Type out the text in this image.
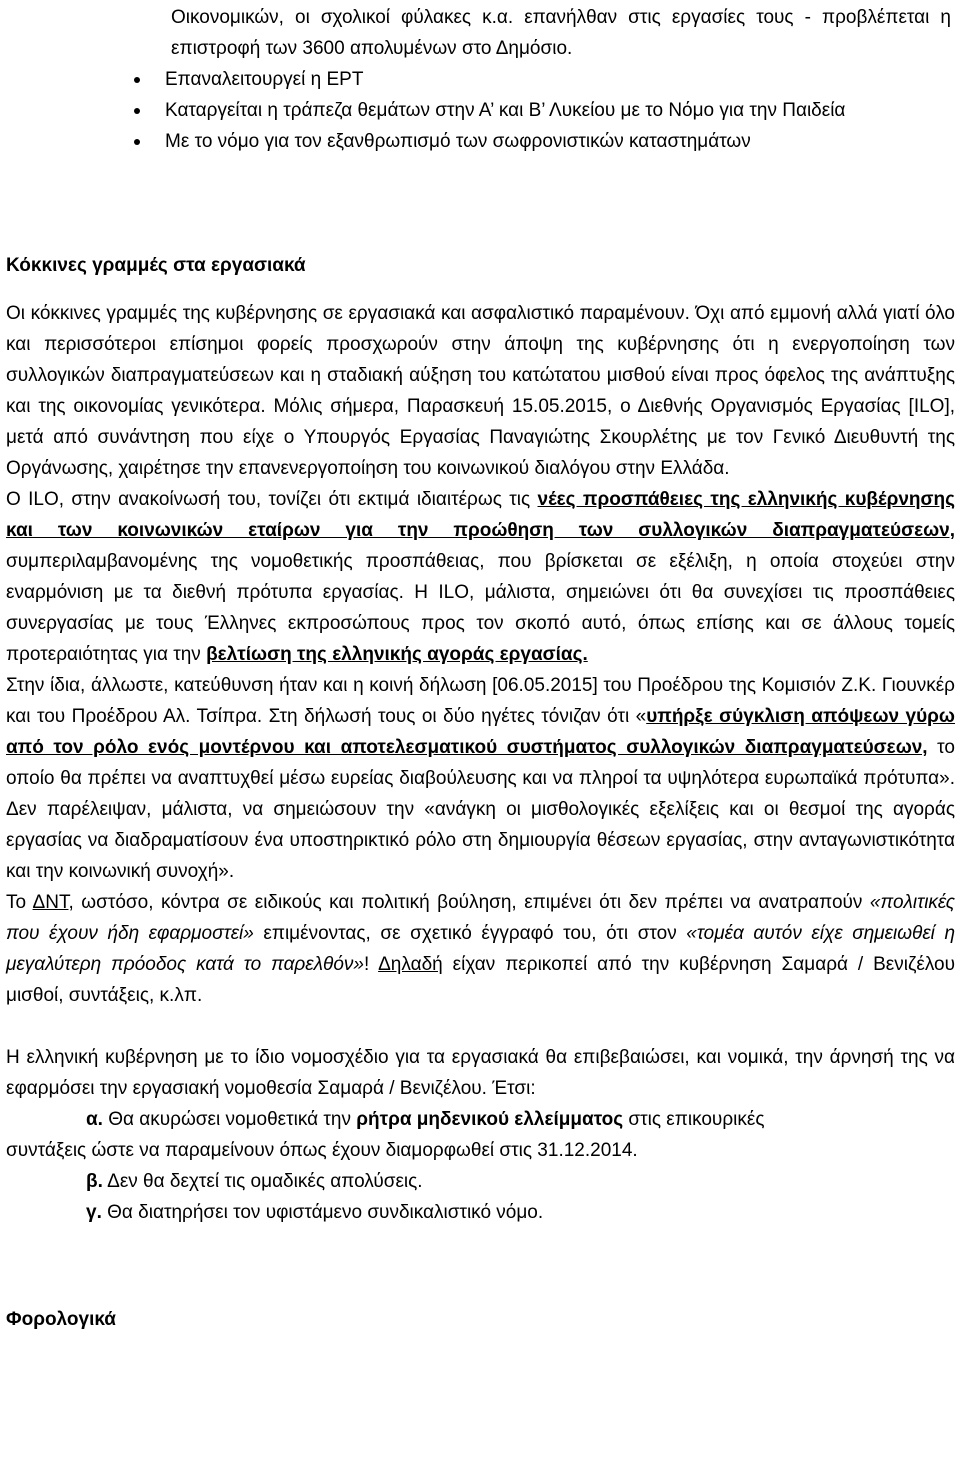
Οικονομικών, οι σχολικοί φύλακες κ.α. επανήλθαν στις εργασίες τους - προβλέπεται η επιστροφή των 3600 απολυμένων στο Δημόσιο.

Επαναλειτουργεί η ΕΡΤ
Καταργείται η τράπεζα θεμάτων στην Α’ και Β’ Λυκείου με το Νόμο για την Παιδεία
Με το νόμο για τον εξανθρωπισμό των σωφρονιστικών καταστημάτων

Κόκκινες γραμμές στα εργασιακά

Οι κόκκινες γραμμές της κυβέρνησης σε εργασιακά και ασφαλιστικό παραμένουν. Όχι από εμμονή αλλά γιατί όλο και περισσότεροι επίσημοι φορείς προσχωρούν στην άποψη της κυβέρνησης ότι η ενεργοποίηση των συλλογικών διαπραγματεύσεων και η σταδιακή αύξηση του κατώτατου μισθού είναι προς όφελος της ανάπτυξης και της οικονομίας γενικότερα. Μόλις σήμερα, Παρασκευή 15.05.2015, ο Διεθνής Οργανισμός Εργασίας [ILO], μετά από συνάντηση που είχε ο Υπουργός Εργασίας Παναγιώτης Σκουρλέτης με τον Γενικό Διευθυντή της Οργάνωσης, χαιρέτησε την επανενεργοποίηση του κοινωνικού διαλόγου στην Ελλάδα.

Ο ILO, στην ανακοίνωσή του, τονίζει ότι εκτιμά ιδιαιτέρως τις νέες προσπάθειες της ελληνικής κυβέρνησης και των κοινωνικών εταίρων για την προώθηση των συλλογικών διαπραγματεύσεων, συμπεριλαμβανομένης της νομοθετικής προσπάθειας, που βρίσκεται σε εξέλιξη, η οποία στοχεύει στην εναρμόνιση με τα διεθνή πρότυπα εργασίας. Η ILO, μάλιστα, σημειώνει ότι θα συνεχίσει τις προσπάθειες συνεργασίας με τους Έλληνες εκπροσώπους προς τον σκοπό αυτό, όπως επίσης και σε άλλους τομείς προτεραιότητας για την βελτίωση της ελληνικής αγοράς εργασίας.

Στην ίδια, άλλωστε, κατεύθυνση ήταν και η κοινή δήλωση [06.05.2015] του Προέδρου της Κομισιόν Ζ.Κ. Γιουνκέρ και του Προέδρου Αλ. Τσίπρα. Στη δήλωσή τους οι δύο ηγέτες τόνιζαν ότι «υπήρξε σύγκλιση απόψεων γύρω από τον ρόλο ενός μοντέρνου και αποτελεσματικού συστήματος συλλογικών διαπραγματεύσεων, το οποίο θα πρέπει να αναπτυχθεί μέσω ευρείας διαβούλευσης και να πληροί τα υψηλότερα ευρωπαϊκά πρότυπα». Δεν παρέλειψαν, μάλιστα, να σημειώσουν την «ανάγκη οι μισθολογικές εξελίξεις και οι θεσμοί της αγοράς εργασίας να διαδραματίσουν ένα υποστηρικτικό ρόλο στη δημιουργία θέσεων εργασίας, στην ανταγωνιστικότητα και την κοινωνική συνοχή».

Το ΔΝΤ, ωστόσο, κόντρα σε ειδικούς και πολιτική βούληση, επιμένει ότι δεν πρέπει να ανατραπούν «πολιτικές που έχουν ήδη εφαρμοστεί» επιμένοντας, σε σχετικό έγγραφό του, ότι στον «τομέα αυτόν είχε σημειωθεί η μεγαλύτερη πρόοδος κατά το παρελθόν»! Δηλαδή είχαν περικοπεί από την κυβέρνηση Σαμαρά / Βενιζέλου μισθοί, συντάξεις, κ.λπ.

Η ελληνική κυβέρνηση με το ίδιο νομοσχέδιο για τα εργασιακά θα επιβεβαιώσει, και νομικά, την άρνησή της να εφαρμόσει την εργασιακή νομοθεσία Σαμαρά / Βενιζέλου. Έτσι:

α. Θα ακυρώσει νομοθετικά την ρήτρα μηδενικού ελλείμματος στις επικουρικές

συντάξεις ώστε να παραμείνουν όπως έχουν διαμορφωθεί στις 31.12.2014.

β. Δεν θα δεχτεί τις ομαδικές απολύσεις.

γ. Θα διατηρήσει τον υφιστάμενο συνδικαλιστικό νόμο.

Φορολογικά
